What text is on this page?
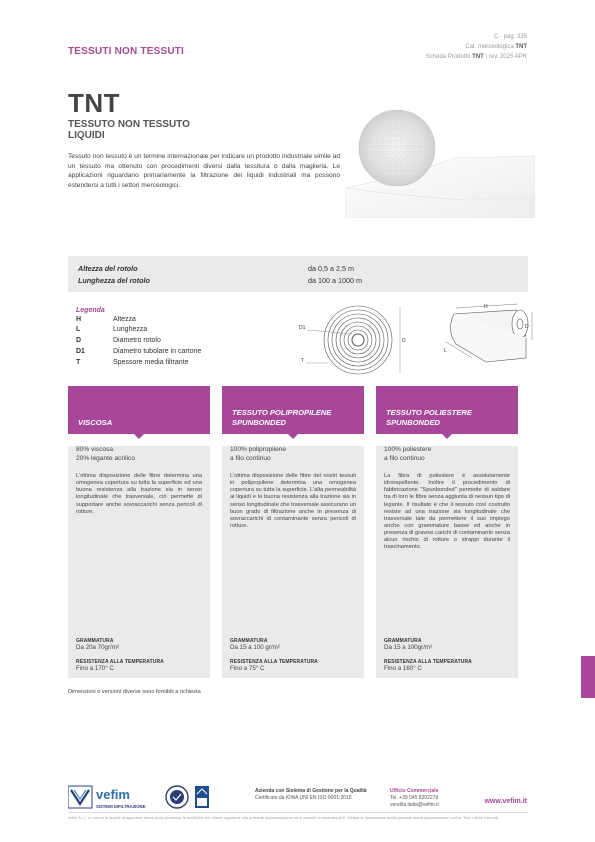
TESSUTI NON TESSUTI
C · pag. 335
Cat. merceologica TNT
Scheda Prodotto TNT | rev. 2025 APR
TNT
TESSUTO NON TESSUTO LIQUIDI
Tessuto non tessuto è un termine internazionale per indicare un prodotto industriale simile ad un tessuto ma ottenuto con procedimenti diversi dalla tessitura o dalla maglieria. Le applicazioni riguardano primariamente la filtrazione dei liquidi industriali ma possono estendersi a tutti i settori merceologici.
Altezza del rotolo	da 0,5 a 2,5 m
Lunghezza del rotolo	da 100 a 1000 m
Legenda
H	Altezza
L	Lunghezza
D	Diametro rotolo
D1	Diametro tubolare in cartone
T	Spessore media filtrante
D1
D
T
H
D
L
VISCOSA
80% viscosa
20% legante acrilico
L'ottima disposizione delle fibre determina una omogenea copertura su tutta la superficie ed una buona resistenza alla trazione sia in senso longitudinale che trasversale, ciò permette di supportare anche sovraccarichi senza pericoli di rotture.
GRAMMATURA
Da 20a 70gr/m²
RESISTENZA ALLA TEMPERATURA
Fino a 170° C
TESSUTO POLIPROPILENE SPUNBONDED
100% polipropilene
a filo continuo
L'ottima disposizione delle fibre dei nostri tessuti in polipropilene determina una omogenea copertura su tutta la superficie. L'alta permeabilità ai liquidi e la buona resistenza alla trazione sia in senso longitudinale che trasversale assicurano un buon grado di filtrazione anche in presenza di sovraccarichi di contaminante senza pericoli di rotture.
GRAMMATURA
Da 15 a 100 gr/m²
RESISTENZA ALLA TEMPERATURA
Fino a 75° C
TESSUTO POLIESTERE SPUNBONDED
100% poliestere
a filo continuo
La fibra di poliestere è assolutamente idrorepellente. Inoltre il procedimento di fabbricazione "Spunbonded" permette di saldare tra di loro le fibre senza aggiunta di nessun tipo di legante. Il risultato è che il tessuto così costruito resiste ad una trazione sia longitudinale che trasversale tale da permettere il suo impiego anche con grammature basse ed anche in presenza di gravosi carichi di contaminante senza alcun rischio di rotture o strappi durante il trascinamento.
GRAMMATURA
Da 15 a 100gr/m²
RESISTENZA ALLA TEMPERATURA
Fino a 160° C
Dimensioni o versioni diverse sono fornibili a richiesta
vefim
SISTEMI DI FILTRAZIONE
Azienda con Sistema di Gestione per la Qualità
Certificato da KIWA UNI EN ISO 9001:2015
Ufficio Commerciale
Tel. +39 045 8202279
vendita.italia@vefim.it	www.vefim.it
Vefim S.r.l. si riserva la facoltà di apportare senza alcun preavviso le modifiche che ritiene opportune alla presente documentazione ed ai prodotti in essa descritti. Vietata la riproduzione anche parziale senza autorizzazione scritta. Tutti i diritti riservati.
